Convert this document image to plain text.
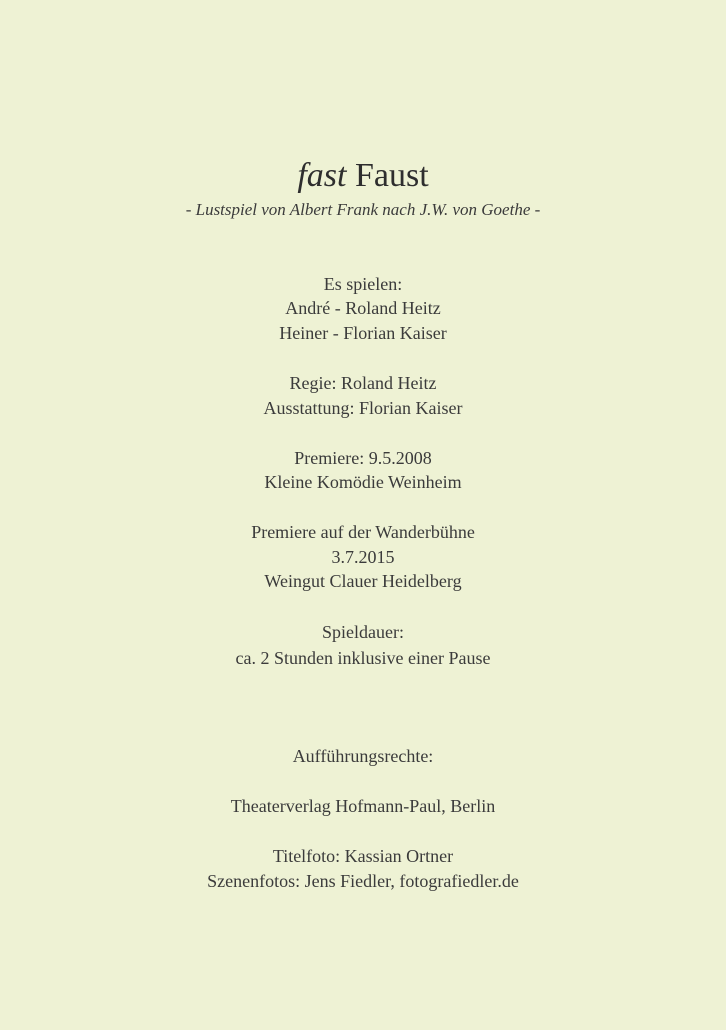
fast Faust
- Lustspiel von Albert Frank nach J.W. von Goethe -
Es spielen:
André - Roland Heitz
Heiner - Florian Kaiser
Regie: Roland Heitz
Ausstattung: Florian Kaiser
Premiere: 9.5.2008
Kleine Komödie Weinheim
Premiere auf der Wanderbühne
3.7.2015
Weingut Clauer Heidelberg
Spieldauer:
ca. 2 Stunden inklusive einer Pause
Aufführungsrechte:
Theaterverlag Hofmann-Paul, Berlin
Titelfoto: Kassian Ortner
Szenenfotos: Jens Fiedler, fotografiedler.de
